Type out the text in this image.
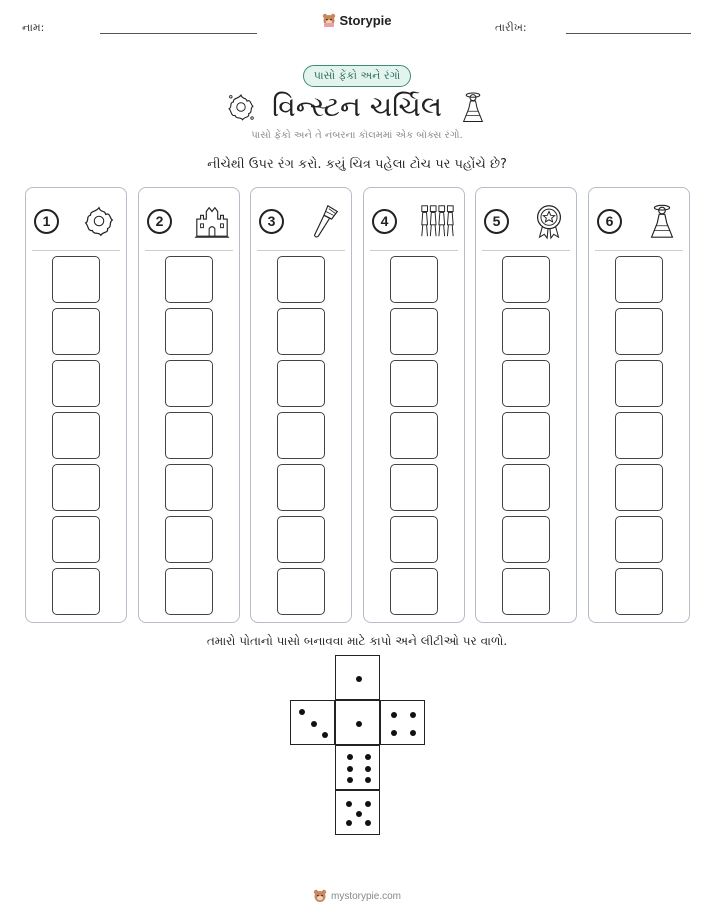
નામ:	Storypie	તારીખ:
પાસો ફેંકો અને રંગો
વિન્સ્ટન ચર્ચિલ
પાસો ફેંકો અને તે નંબરના કૉલમમાં એક બૉક્સ રંગો.
નીચેથી ઉપર રંગ કરો. કયું ચિત્ર પહેલા ટોચ પર પહોંચે છે?
1	2	3	4	5	6
તમારો પોતાનો પાસો બનાવવા માટે કાપો અને લીટીઓ પર વાળો.
mystorypie.com
